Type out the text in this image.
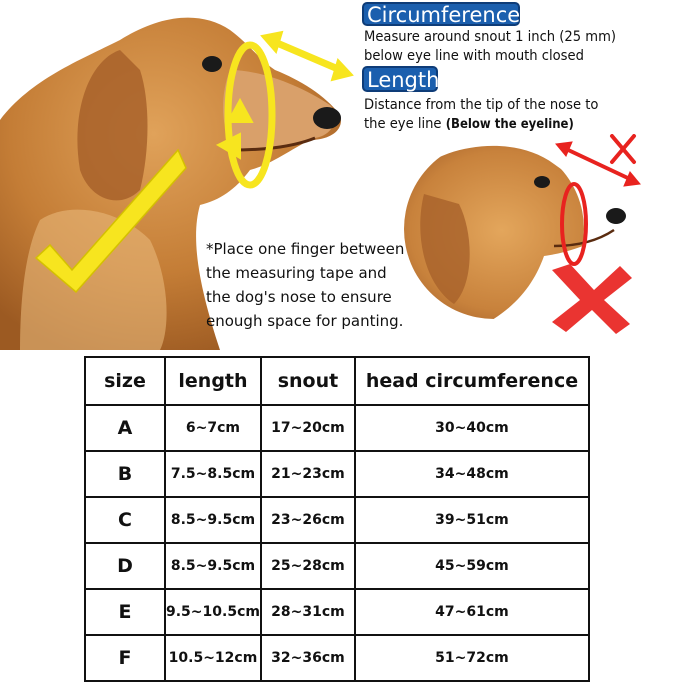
Circumference
Measure around snout 1 inch (25 mm)
below eye line with mouth closed
Length
Distance from the tip of the nose to
the eye line (Below the eyeline)
*Place one finger between
the measuring tape and
the dog's nose to ensure
enough space for panting.
size	length	snout	head circumference
A	6~7cm	17~20cm	30~40cm
B	7.5~8.5cm	21~23cm	34~48cm
C	8.5~9.5cm	23~26cm	39~51cm
D	8.5~9.5cm	25~28cm	45~59cm
E	9.5~10.5cm	28~31cm	47~61cm
F	10.5~12cm	32~36cm	51~72cm
